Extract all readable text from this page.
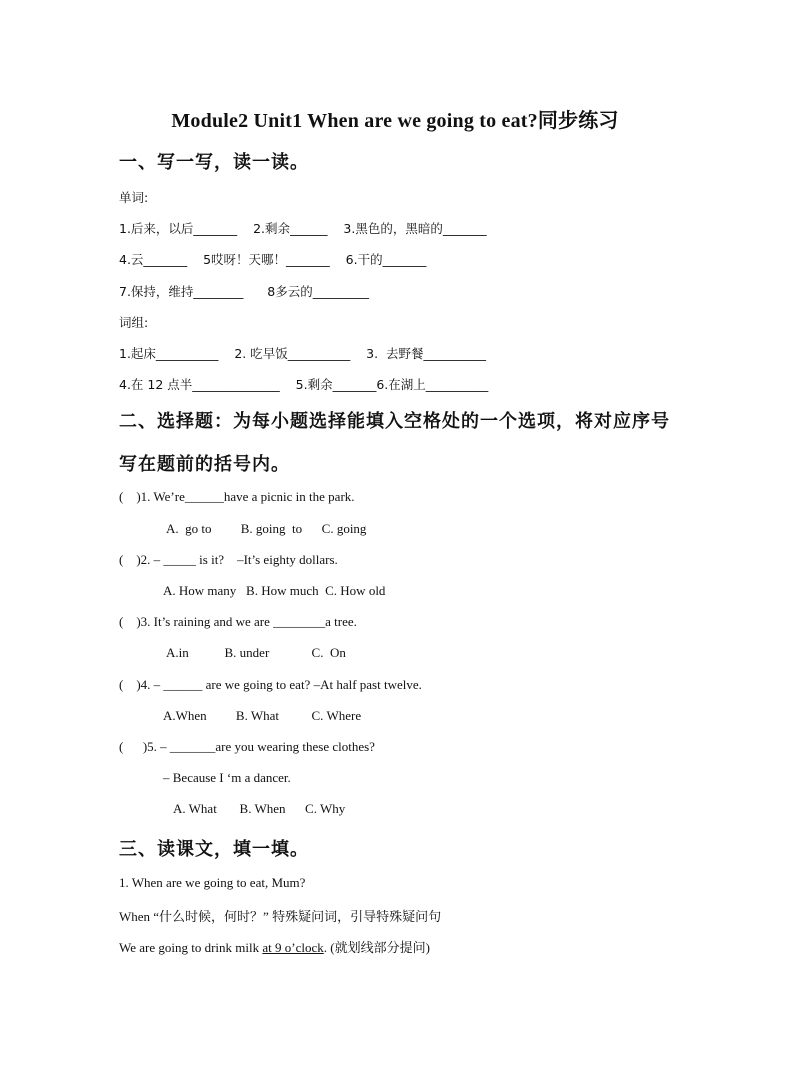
Module2 Unit1 When are we going to eat?同步练习
一、写一写，读一读。
单词:
1.后来，以后_______    2.剩余______    3.黑色的，黑暗的_______
4.云_______    5哎呀！天哪！_______    6.干的_______
7.保持，维持________      8多云的_________
词组:
1.起床__________    2. 吃早饭__________    3.  去野餐__________
4.在 12 点半______________    5.剩余_______6.在湖上__________
二、选择题：为每小题选择能填入空格处的一个选项，将对应序号
写在题前的括号内。
(    )1. We’re______have a picnic in the park.
A.  go to         B. going  to      C. going
(    )2. – _____ is it?    –It’s eighty dollars.
A. How many   B. How much  C. How old
(    )3. It’s raining and we are ________a tree.
A.in           B. under             C.  On
(    )4. – ______ are we going to eat? –At half past twelve.
A.When         B. What          C. Where
(      )5. – _______are you wearing these clothes?
– Because I ‘m a dancer.
A. What       B. When      C. Why
三、读课文，填一填。
1. When are we going to eat, Mum?
When “什么时候，何时？” 特殊疑问词，引导特殊疑问句
We are going to drink milk at 9 o’clock. (就划线部分提问)
